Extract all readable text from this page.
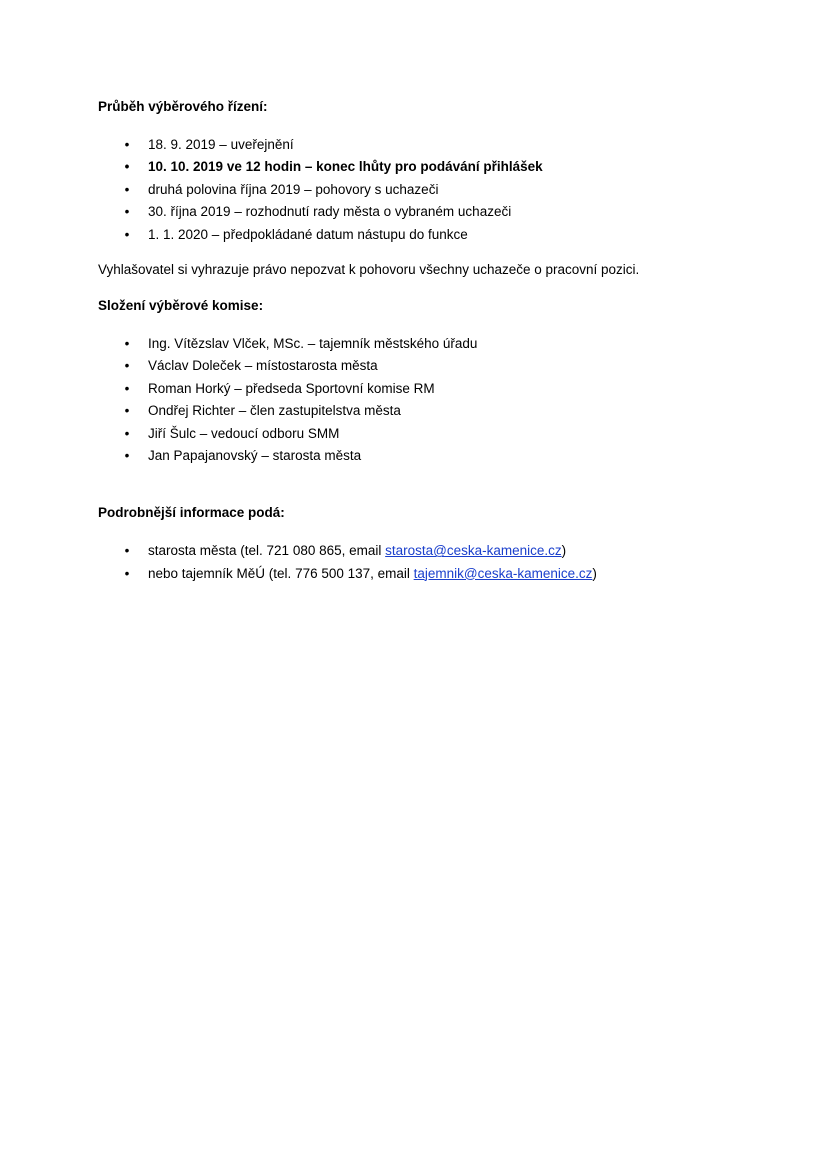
Průběh výběrového řízení:

• 18. 9. 2019 – uveřejnění
• 10. 10. 2019 ve 12 hodin – konec lhůty pro podávání přihlášek
• druhá polovina října 2019 – pohovory s uchazeči
• 30. října 2019 – rozhodnutí rady města o vybraném uchazeči
• 1. 1. 2020 – předpokládané datum nástupu do funkce

Vyhlašovatel si vyhrazuje právo nepozvat k pohovoru všechny uchazeče o pracovní pozici.

Složení výběrové komise:

• Ing. Vítězslav Vlček, MSc. – tajemník městského úřadu
• Václav Doleček – místostarosta města
• Roman Horký – předseda Sportovní komise RM
• Ondřej Richter – člen zastupitelstva města
• Jiří Šulc – vedoucí odboru SMM
• Jan Papajanovský – starosta města

Podrobnější informace podá:

• starosta města (tel. 721 080 865, email starosta@ceska-kamenice.cz)
• nebo tajemník MěÚ (tel. 776 500 137, email tajemnik@ceska-kamenice.cz)
